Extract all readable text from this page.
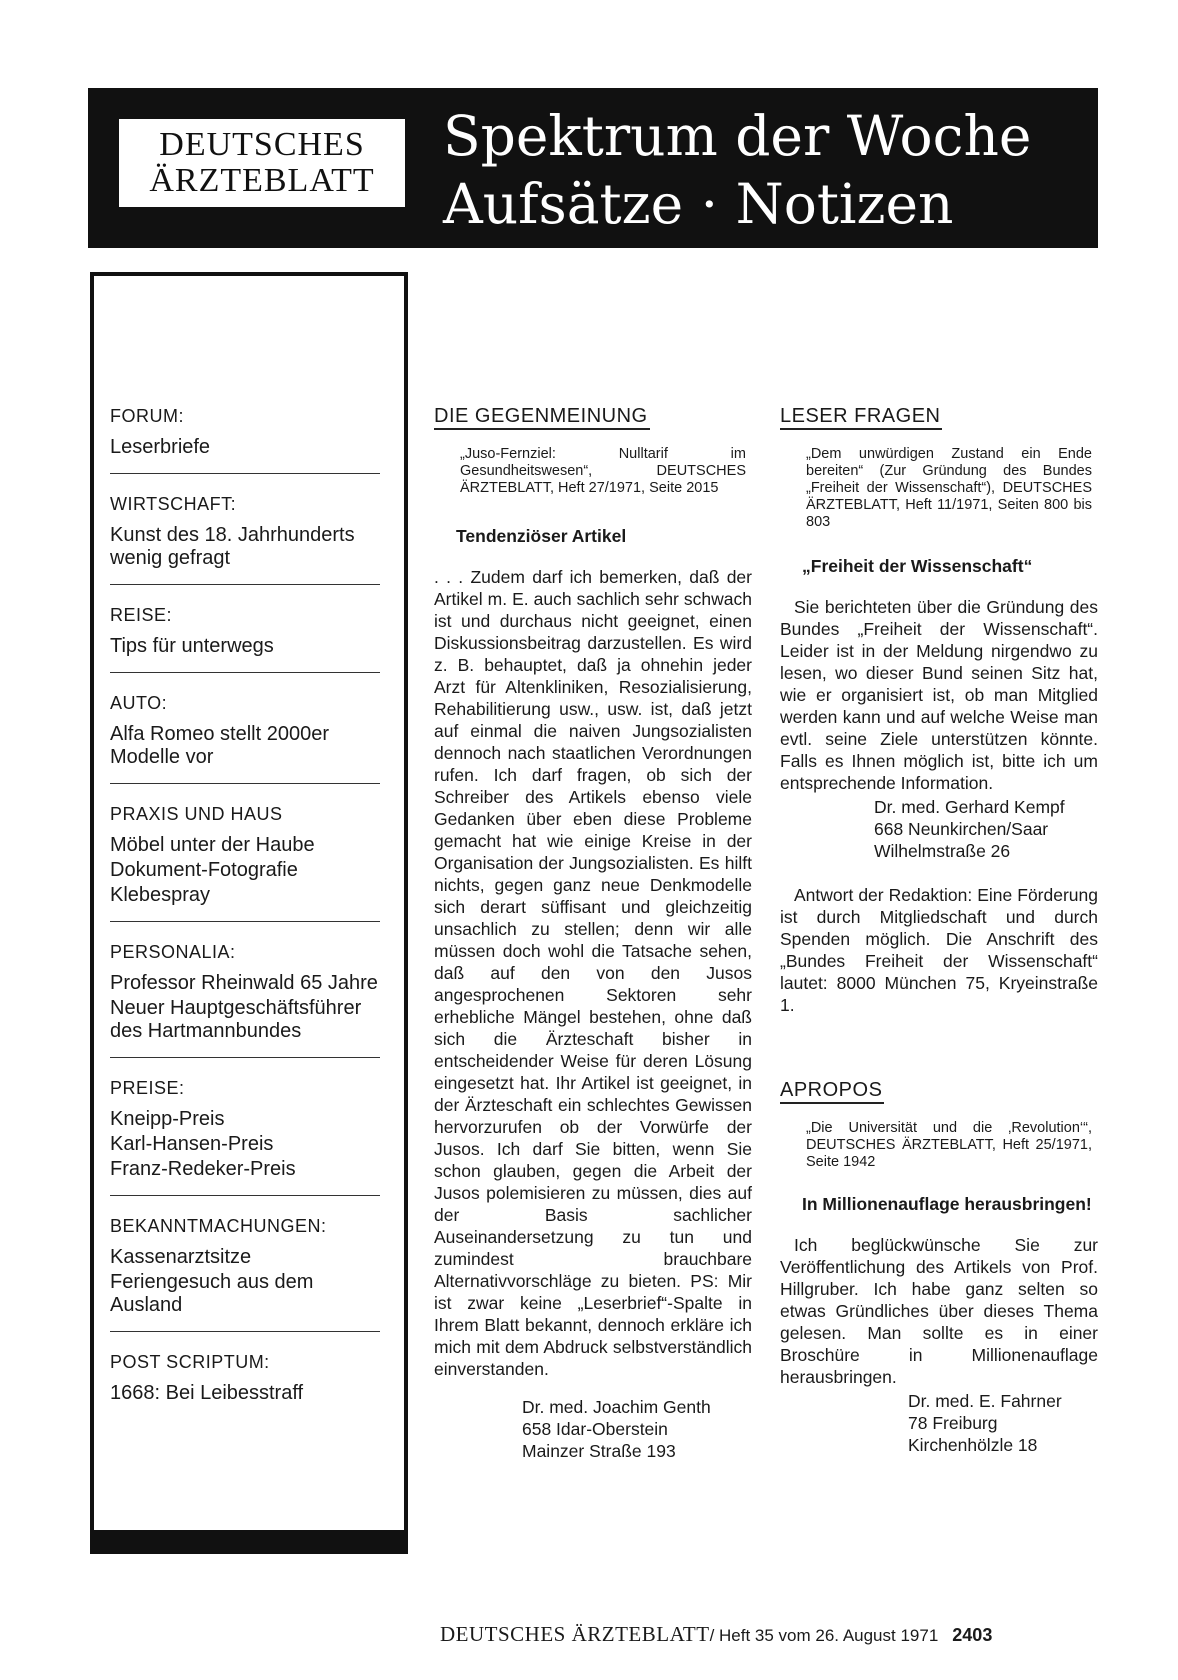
DEUTSCHES
ÄRZTEBLATT
Spektrum der Woche
Aufsätze · Notizen
FORUM:
Leserbriefe
WIRTSCHAFT:
Kunst des 18. Jahrhunderts wenig gefragt
REISE:
Tips für unterwegs
AUTO:
Alfa Romeo stellt 2000er Modelle vor
PRAXIS UND HAUS
Möbel unter der Haube
Dokument-Fotografie
Klebespray
PERSONALIA:
Professor Rheinwald 65 Jahre
Neuer Hauptgeschäftsführer des Hartmannbundes
PREISE:
Kneipp-Preis
Karl-Hansen-Preis
Franz-Redeker-Preis
BEKANNTMACHUNGEN:
Kassenarztsitze
Feriengesuch aus dem Ausland
POST SCRIPTUM:
1668: Bei Leibesstraff
DIE GEGENMEINUNG
„Juso-Fernziel: Nulltarif im Gesundheitswesen“, DEUTSCHES ÄRZTEBLATT, Heft 27/1971, Seite 2015
Tendenziöser Artikel
. . . Zudem darf ich bemerken, daß der Artikel m. E. auch sachlich sehr schwach ist und durchaus nicht geeignet, einen Diskussionsbeitrag darzustellen. Es wird z. B. behauptet, daß ja ohnehin jeder Arzt für Altenkliniken, Resozialisierung, Rehabilitierung usw., usw. ist, daß jetzt auf einmal die naiven Jungsozialisten dennoch nach staatlichen Verordnungen rufen. Ich darf fragen, ob sich der Schreiber des Artikels ebenso viele Gedanken über eben diese Probleme gemacht hat wie einige Kreise in der Organisation der Jungsozialisten. Es hilft nichts, gegen ganz neue Denkmodelle sich derart süffisant und gleichzeitig unsachlich zu stellen; denn wir alle müssen doch wohl die Tatsache sehen, daß auf den von den Jusos angesprochenen Sektoren sehr erhebliche Mängel bestehen, ohne daß sich die Ärzteschaft bisher in entscheidender Weise für deren Lösung eingesetzt hat. Ihr Artikel ist geeignet, in der Ärzteschaft ein schlechtes Gewissen hervorzurufen ob der Vorwürfe der Jusos. Ich darf Sie bitten, wenn Sie schon glauben, gegen die Arbeit der Jusos polemisieren zu müssen, dies auf der Basis sachlicher Auseinandersetzung zu tun und zumindest brauchbare Alternativvorschläge zu bieten. PS: Mir ist zwar keine „Leserbrief“-Spalte in Ihrem Blatt bekannt, dennoch erkläre ich mich mit dem Abdruck selbstverständlich einverstanden.
Dr. med. Joachim Genth
658 Idar-Oberstein
Mainzer Straße 193
LESER FRAGEN
„Dem unwürdigen Zustand ein Ende bereiten“ (Zur Gründung des Bundes „Freiheit der Wissenschaft“), DEUTSCHES ÄRZTEBLATT, Heft 11/1971, Seiten 800 bis 803
„Freiheit der Wissenschaft“
Sie berichteten über die Gründung des Bundes „Freiheit der Wissenschaft“. Leider ist in der Meldung nirgendwo zu lesen, wo dieser Bund seinen Sitz hat, wie er organisiert ist, ob man Mitglied werden kann und auf welche Weise man evtl. seine Ziele unterstützen könnte. Falls es Ihnen möglich ist, bitte ich um entsprechende Information.
Dr. med. Gerhard Kempf
668 Neunkirchen/Saar
Wilhelmstraße 26
Antwort der Redaktion: Eine Förderung ist durch Mitgliedschaft und durch Spenden möglich. Die Anschrift des „Bundes Freiheit der Wissenschaft“ lautet: 8000 München 75, Kryeinstraße 1.
APROPOS
„Die Universität und die ‚Revolution‘“, DEUTSCHES ÄRZTEBLATT, Heft 25/1971, Seite 1942
In Millionenauflage herausbringen!
Ich beglückwünsche Sie zur Veröffentlichung des Artikels von Prof. Hillgruber. Ich habe ganz selten so etwas Gründliches über dieses Thema gelesen. Man sollte es in einer Broschüre in Millionenauflage herausbringen.
Dr. med. E. Fahrner
78 Freiburg
Kirchenhölzle 18
DEUTSCHES ÄRZTEBLATT/ Heft 35 vom 26. August 1971 2403
